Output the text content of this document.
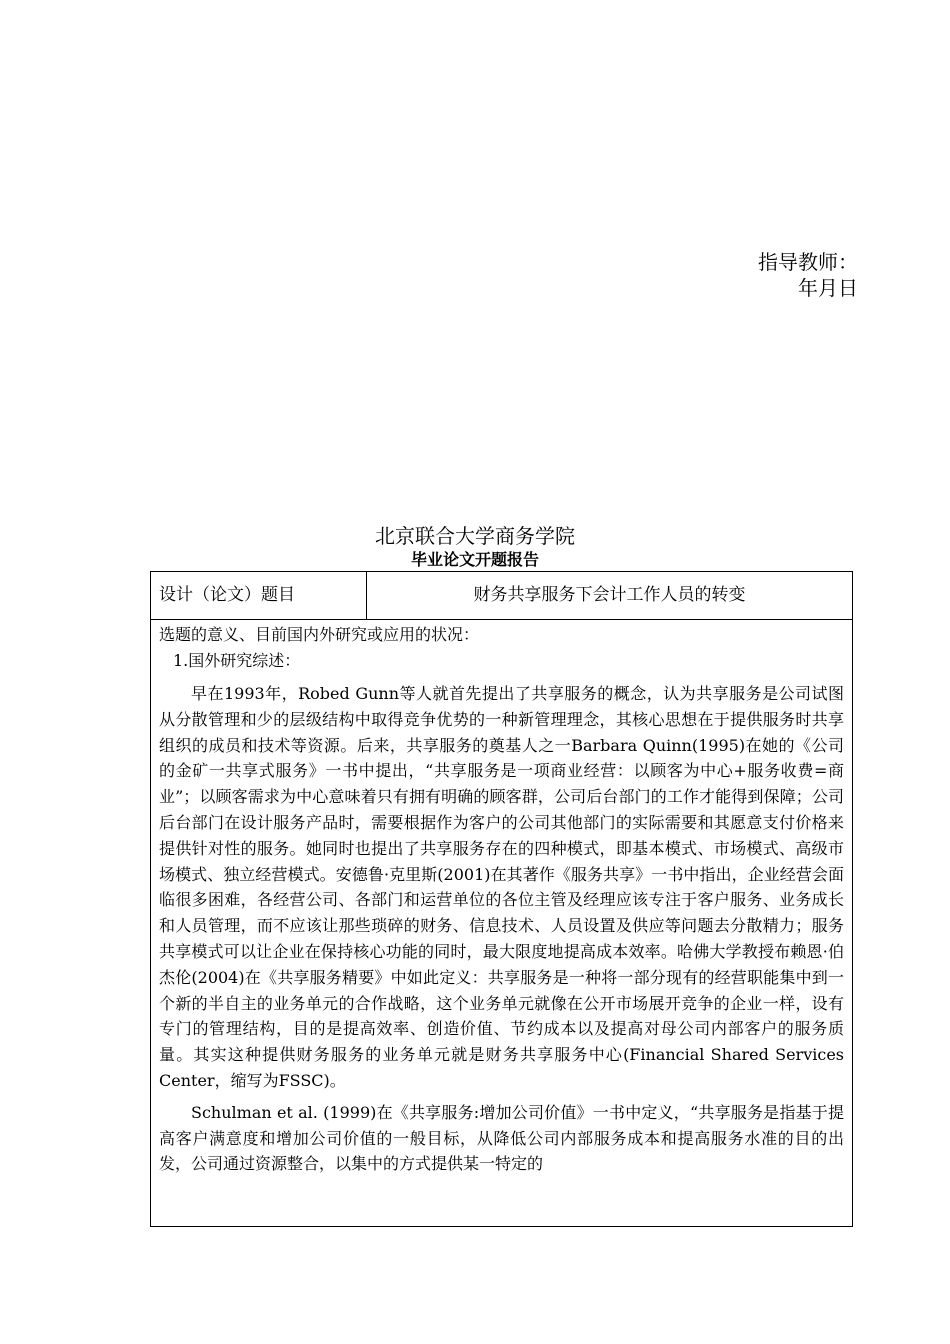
指导教师：
年月日
北京联合大学商务学院
毕业论文开题报告
设计（论文）题目	财务共享服务下会计工作人员的转变
选题的意义、目前国内外研究或应用的状况：
1.国外研究综述：

早在1993年，Robed Gunn等人就首先提出了共享服务的概念，认为共享服务是公司试图从分散管理和少的层级结构中取得竞争优势的一种新管理理念，其核心思想在于提供服务时共享组织的成员和技术等资源。后来，共享服务的奠基人之一Barbara Quinn(1995)在她的《公司的金矿一共享式服务》一书中提出，“共享服务是一项商业经营：以顾客为中心+服务收费=商业”；以顾客需求为中心意味着只有拥有明确的顾客群，公司后台部门的工作才能得到保障；公司后台部门在设计服务产品时，需要根据作为客户的公司其他部门的实际需要和其愿意支付价格来提供针对性的服务。她同时也提出了共享服务存在的四种模式，即基本模式、市场模式、高级市场模式、独立经营模式。安德鲁·克里斯(2001)在其著作《服务共享》一书中指出，企业经营会面临很多困难，各经营公司、各部门和运营单位的各位主管及经理应该专注于客户服务、业务成长和人员管理，而不应该让那些琐碎的财务、信息技术、人员设置及供应等问题去分散精力；服务共享模式可以让企业在保持核心功能的同时，最大限度地提高成本效率。哈佛大学教授布赖恩·伯杰伦(2004)在《共享服务精要》中如此定义：共享服务是一种将一部分现有的经营职能集中到一个新的半自主的业务单元的合作战略，这个业务单元就像在公开市场展开竞争的企业一样，设有专门的管理结构，目的是提高效率、创造价值、节约成本以及提高对母公司内部客户的服务质量。其实这种提供财务服务的业务单元就是财务共享服务中心(Financial Shared Services Center，缩写为FSSC)。

Schulman et al. (1999)在《共享服务:增加公司价值》一书中定义，“共享服务是指基于提高客户满意度和增加公司价值的一般目标，从降低公司内部服务成本和提高服务水准的目的出发，公司通过资源整合，以集中的方式提供某一特定的
